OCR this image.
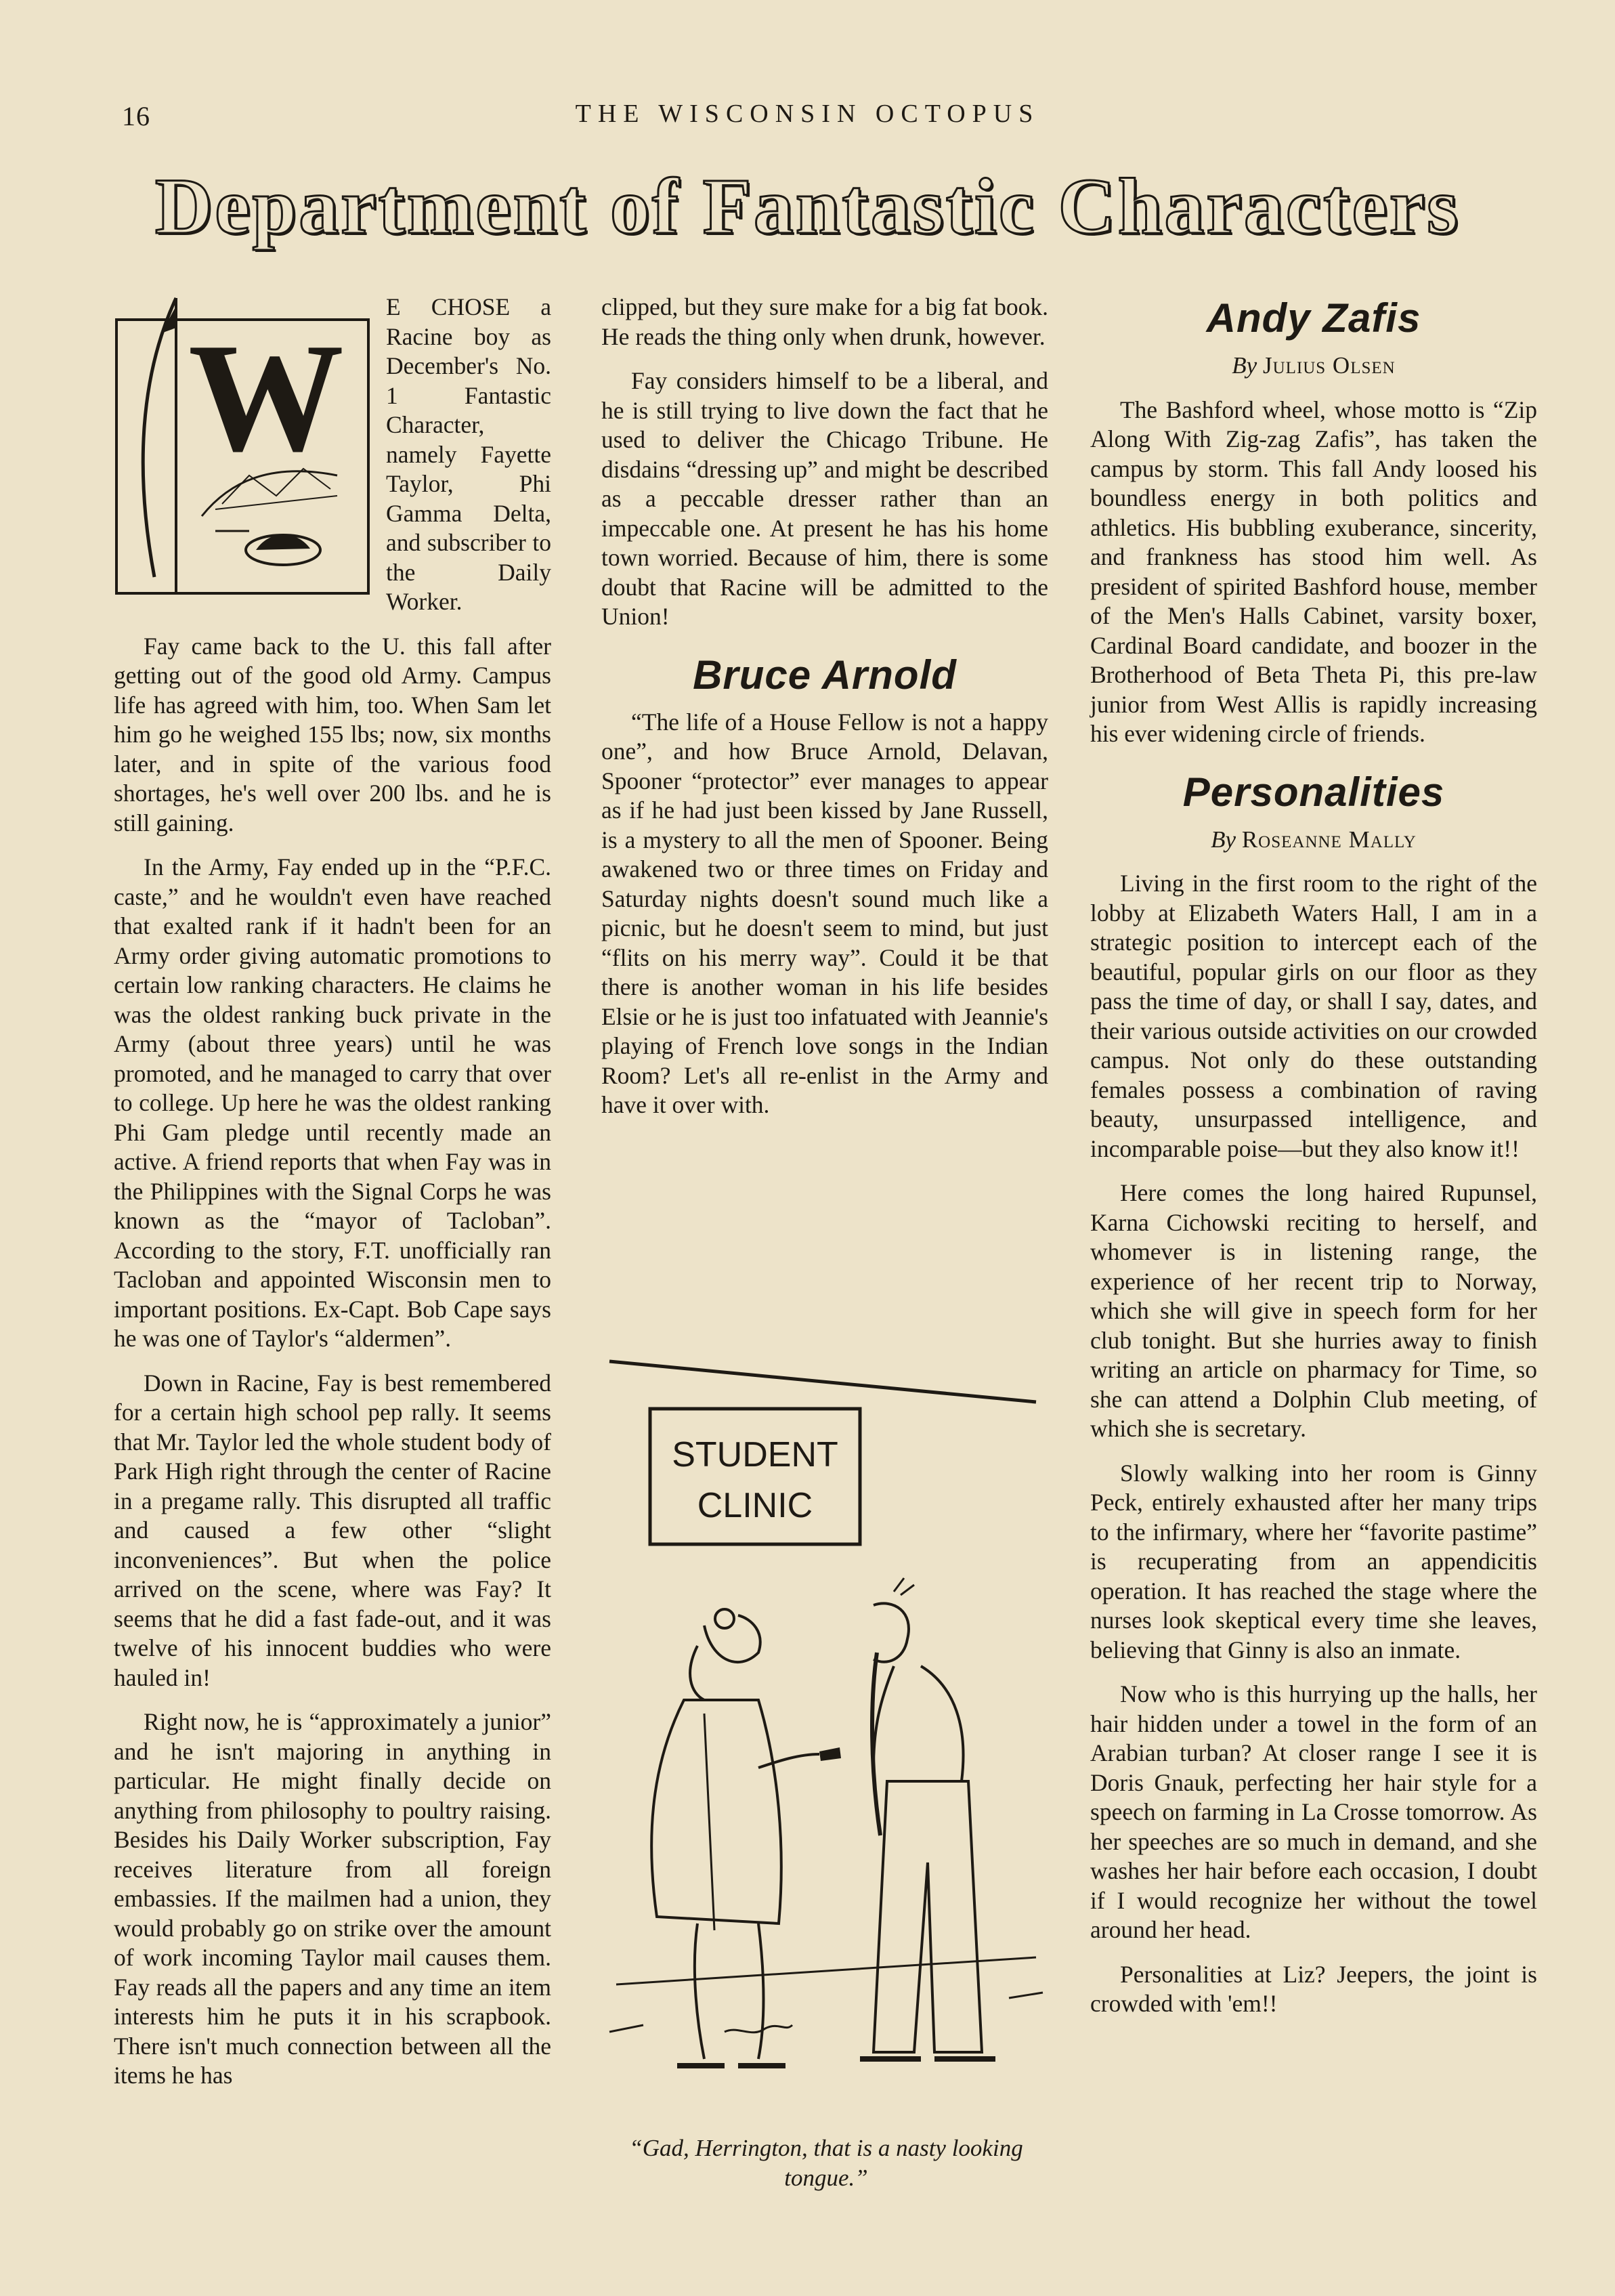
16	THE WISCONSIN OCTOPUS
Department of Fantastic Characters
W

E CHOSE a Racine boy as December's No. 1 Fantastic Character, namely Fayette Taylor, Phi Gamma Delta, and subscriber to the Daily Worker.

Fay came back to the U. this fall after getting out of the good old Army. Campus life has agreed with him, too. When Sam let him go he weighed 155 lbs; now, six months later, and in spite of the various food shortages, he's well over 200 lbs. and he is still gaining.

In the Army, Fay ended up in the “P.F.C. caste,” and he wouldn't even have reached that exalted rank if it hadn't been for an Army order giving automatic promotions to certain low ranking characters. He claims he was the oldest ranking buck private in the Army (about three years) until he was promoted, and he managed to carry that over to college. Up here he was the oldest ranking Phi Gam pledge until recently made an active. A friend reports that when Fay was in the Philippines with the Signal Corps he was known as the “mayor of Tacloban”. According to the story, F.T. unofficially ran Tacloban and appointed Wisconsin men to important positions. Ex-Capt. Bob Cape says he was one of Taylor's “aldermen”.

Down in Racine, Fay is best remembered for a certain high school pep rally. It seems that Mr. Taylor led the whole student body of Park High right through the center of Racine in a pregame rally. This disrupted all traffic and caused a few other “slight inconveniences”. But when the police arrived on the scene, where was Fay? It seems that he did a fast fade-out, and it was twelve of his innocent buddies who were hauled in!

Right now, he is “approximately a junior” and he isn't majoring in anything in particular. He might finally decide on anything from philosophy to poultry raising. Besides his Daily Worker subscription, Fay receives literature from all foreign embassies. If the mailmen had a union, they would probably go on strike over the amount of work incoming Taylor mail causes them. Fay reads all the papers and any time an item interests him he puts it in his scrapbook. There isn't much connection between all the items he has

clipped, but they sure make for a big fat book. He reads the thing only when drunk, however.

Fay considers himself to be a liberal, and he is still trying to live down the fact that he used to deliver the Chicago Tribune. He disdains “dressing up” and might be described as a peccable dresser rather than an impeccable one. At present he has his home town worried. Because of him, there is some doubt that Racine will be admitted to the Union!

Bruce Arnold

“The life of a House Fellow is not a happy one”, and how Bruce Arnold, Delavan, Spooner “protector” ever manages to appear as if he had just been kissed by Jane Russell, is a mystery to all the men of Spooner. Being awakened two or three times on Friday and Saturday nights doesn't sound much like a picnic, but he doesn't seem to mind, but just “flits on his merry way”. Could it be that there is another woman in his life besides Elsie or he is just too infatuated with Jeannie's playing of French love songs in the Indian Room? Let's all re-enlist in the Army and have it over with.

STUDENT
CLINIC
“Gad, Herrington, that is a nasty looking tongue.”
Andy Zafis
By Julius Olsen

The Bashford wheel, whose motto is “Zip Along With Zig-zag Zafis”, has taken the campus by storm. This fall Andy loosed his boundless energy in both politics and athletics. His bubbling exuberance, sincerity, and frankness has stood him well. As president of spirited Bashford house, member of the Men's Halls Cabinet, varsity boxer, Cardinal Board candidate, and boozer in the Brotherhood of Beta Theta Pi, this pre-law junior from West Allis is rapidly increasing his ever widening circle of friends.

Personalities
By Roseanne Mally

Living in the first room to the right of the lobby at Elizabeth Waters Hall, I am in a strategic position to intercept each of the beautiful, popular girls on our floor as they pass the time of day, or shall I say, dates, and their various outside activities on our crowded campus. Not only do these outstanding females possess a combination of raving beauty, unsurpassed intelligence, and incomparable poise—but they also know it!!

Here comes the long haired Rupunsel, Karna Cichowski reciting to herself, and whomever is in listening range, the experience of her recent trip to Norway, which she will give in speech form for her club tonight. But she hurries away to finish writing an article on pharmacy for Time, so she can attend a Dolphin Club meeting, of which she is secretary.

Slowly walking into her room is Ginny Peck, entirely exhausted after her many trips to the infirmary, where her “favorite pastime” is recuperating from an appendicitis operation. It has reached the stage where the nurses look skeptical every time she leaves, believing that Ginny is also an inmate.

Now who is this hurrying up the halls, her hair hidden under a towel in the form of an Arabian turban? At closer range I see it is Doris Gnauk, perfecting her hair style for a speech on farming in La Crosse tomorrow. As her speeches are so much in demand, and she washes her hair before each occasion, I doubt if I would recognize her without the towel around her head.

Personalities at Liz? Jeepers, the joint is crowded with 'em!!
